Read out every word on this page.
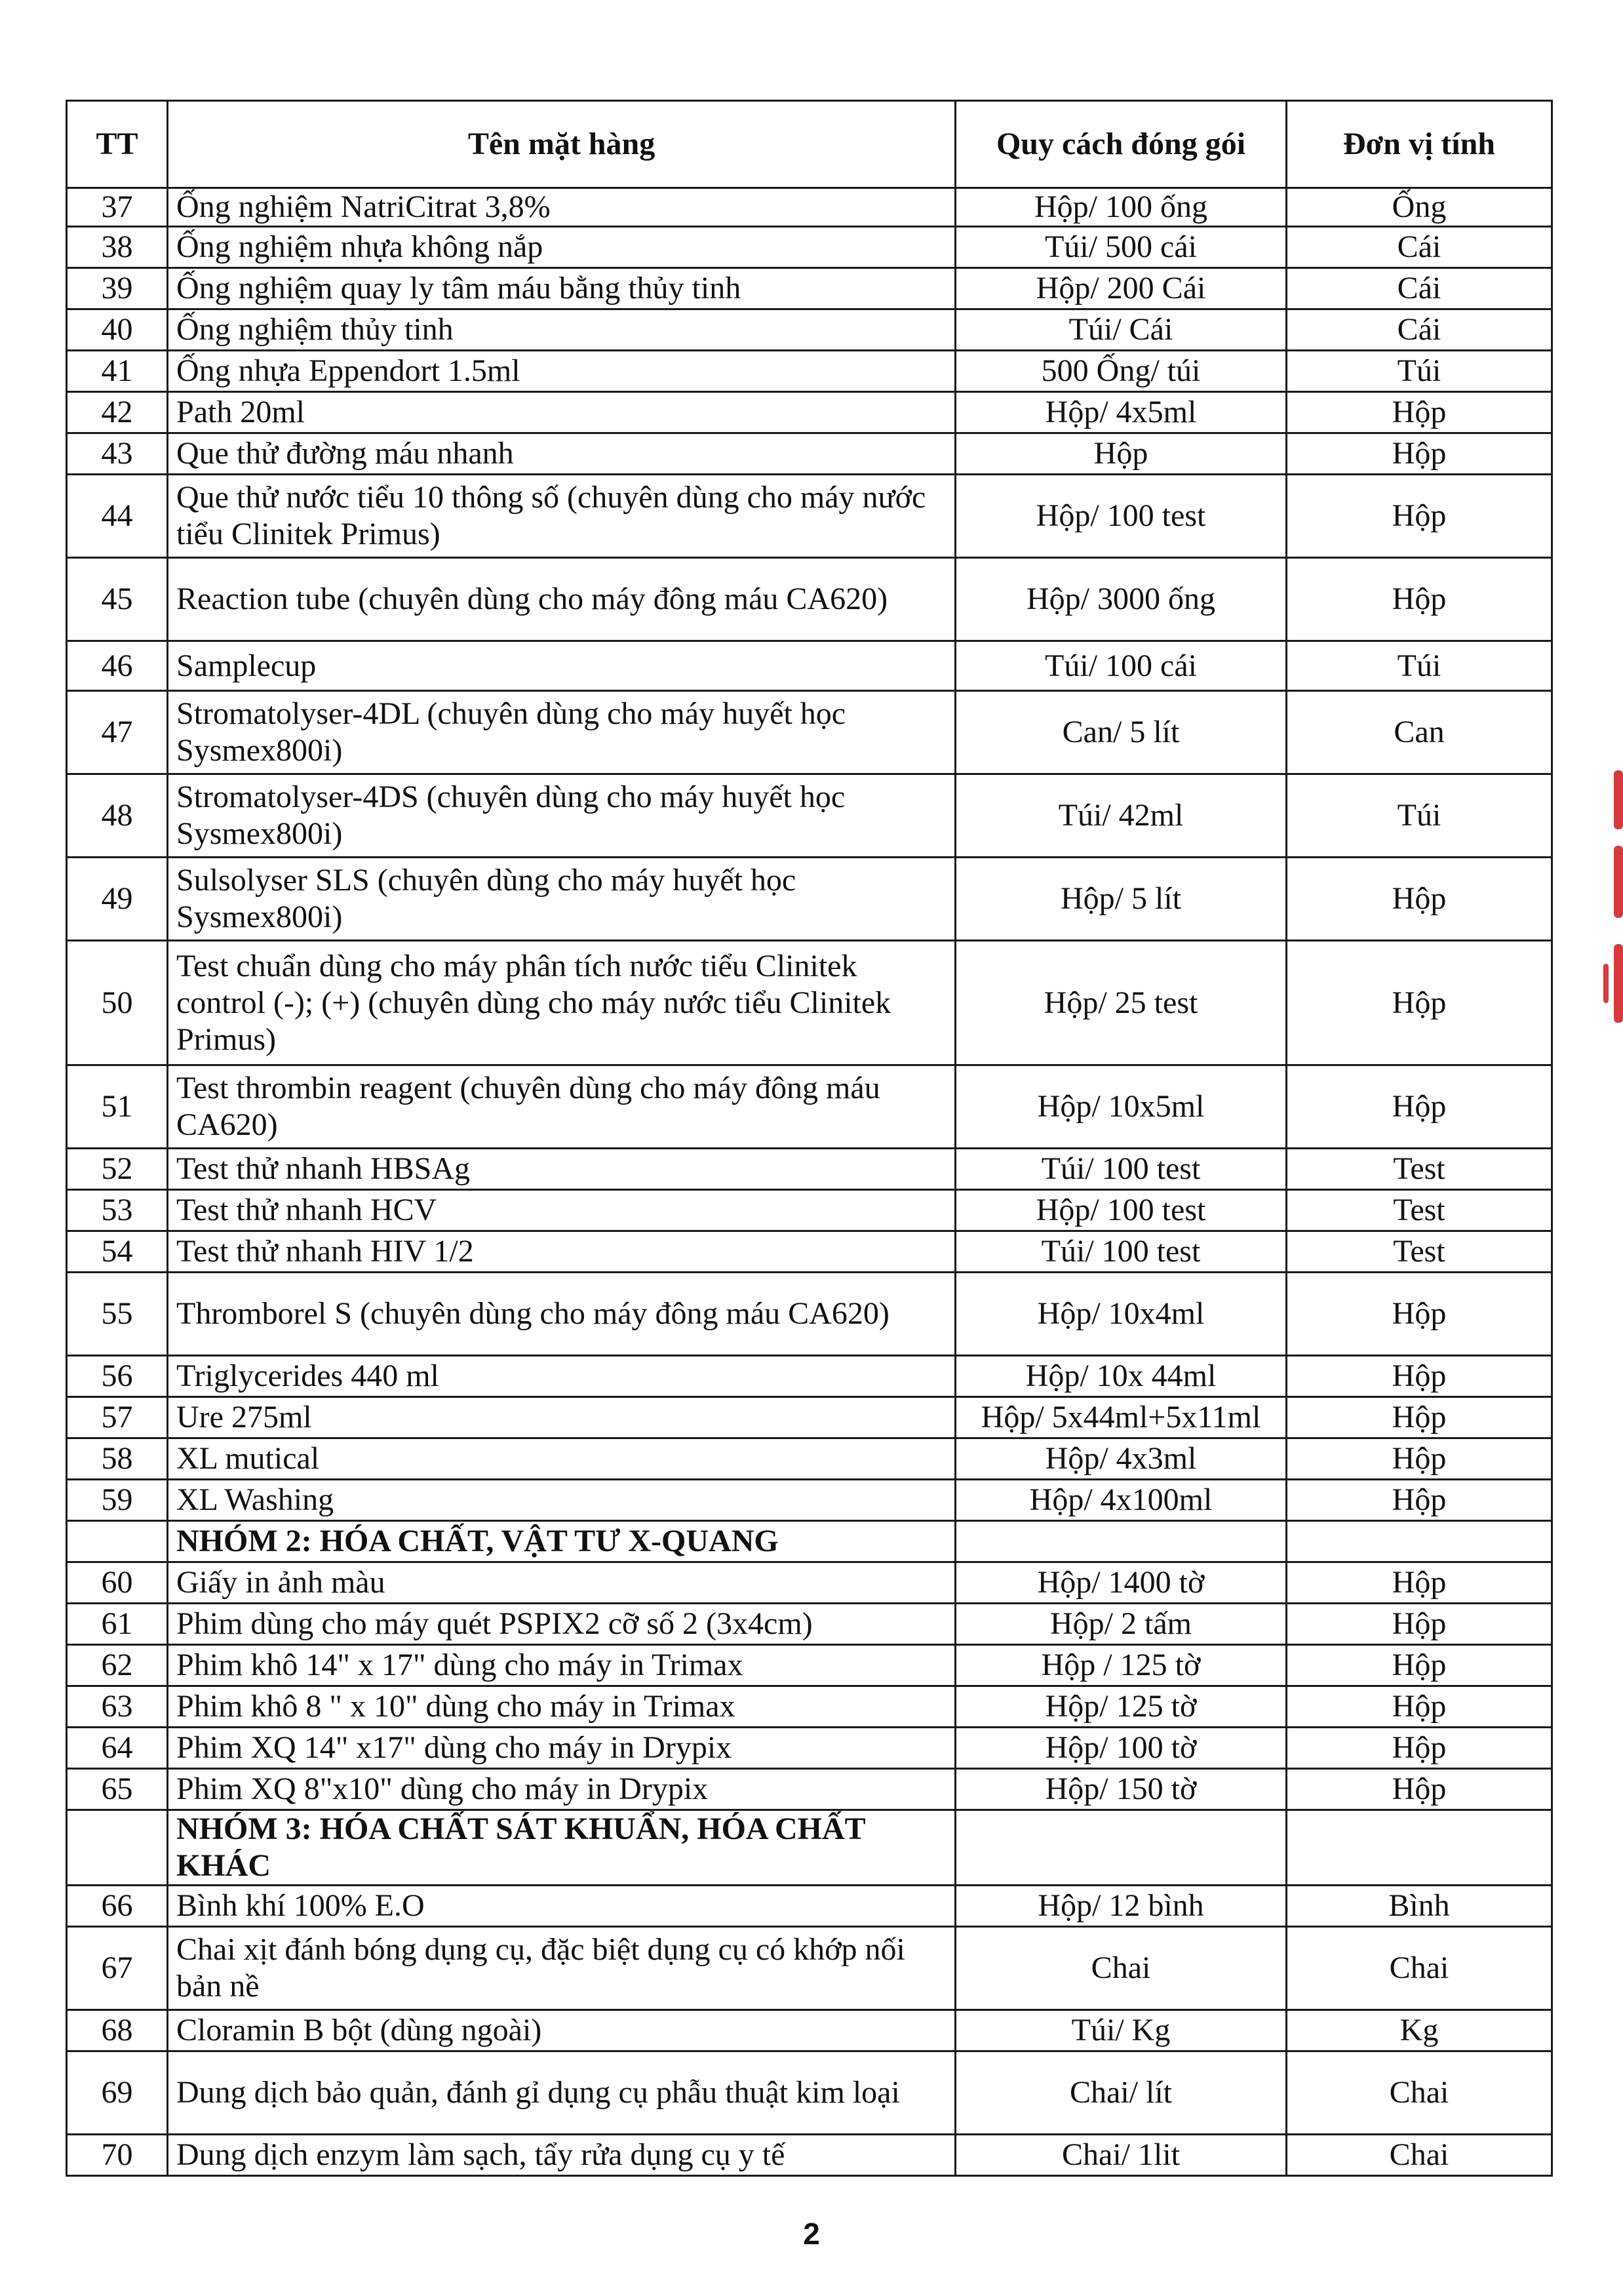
TT	Tên mặt hàng	Quy cách đóng gói	Đơn vị tính
37	Ống nghiệm NatriCitrat 3,8%	Hộp/ 100 ống	Ống
38	Ống nghiệm nhựa không nắp	Túi/ 500 cái	Cái
39	Ống nghiệm quay ly tâm máu bằng thủy tinh	Hộp/ 200 Cái	Cái
40	Ống nghiệm thủy tinh	Túi/ Cái	Cái
41	Ống nhựa Eppendort 1.5ml	500 Ống/ túi	Túi
42	Path 20ml	Hộp/ 4x5ml	Hộp
43	Que thử đường máu nhanh	Hộp	Hộp
44	Que thử nước tiểu 10 thông số (chuyên dùng cho máy nước tiểu Clinitek Primus)	Hộp/ 100 test	Hộp
45	Reaction tube (chuyên dùng cho máy đông máu CA620)	Hộp/ 3000 ống	Hộp
46	Samplecup	Túi/ 100 cái	Túi
47	Stromatolyser-4DL (chuyên dùng cho máy huyết học Sysmex800i)	Can/ 5 lít	Can
48	Stromatolyser-4DS (chuyên dùng cho máy huyết học Sysmex800i)	Túi/ 42ml	Túi
49	Sulsolyser SLS (chuyên dùng cho máy huyết học Sysmex800i)	Hộp/ 5 lít	Hộp
50	Test chuẩn dùng cho máy phân tích nước tiểu Clinitek control (-); (+) (chuyên dùng cho máy nước tiểu Clinitek Primus)	Hộp/ 25 test	Hộp
51	Test thrombin reagent (chuyên dùng cho máy đông máu CA620)	Hộp/ 10x5ml	Hộp
52	Test thử nhanh HBSAg	Túi/ 100 test	Test
53	Test thử nhanh HCV	Hộp/ 100 test	Test
54	Test thử nhanh HIV 1/2	Túi/ 100 test	Test
55	Thromborel S (chuyên dùng cho máy đông máu CA620)	Hộp/ 10x4ml	Hộp
56	Triglycerides 440 ml	Hộp/ 10x 44ml	Hộp
57	Ure 275ml	Hộp/ 5x44ml+5x11ml	Hộp
58	XL mutical	Hộp/ 4x3ml	Hộp
59	XL Washing	Hộp/ 4x100ml	Hộp
	NHÓM 2: HÓA CHẤT, VẬT TƯ X-QUANG		
60	Giấy in ảnh màu	Hộp/ 1400 tờ	Hộp
61	Phim dùng cho máy quét PSPIX2 cỡ số 2 (3x4cm)	Hộp/ 2 tấm	Hộp
62	Phim khô 14" x 17" dùng cho máy in Trimax	Hộp / 125 tờ	Hộp
63	Phim khô 8 " x 10" dùng cho máy in Trimax	Hộp/ 125 tờ	Hộp
64	Phim XQ 14" x17" dùng cho máy in Drypix	Hộp/ 100 tờ	Hộp
65	Phim XQ 8"x10" dùng cho máy in Drypix	Hộp/ 150 tờ	Hộp
	NHÓM 3: HÓA CHẤT SÁT KHUẨN, HÓA CHẤT KHÁC		
66	Bình khí 100% E.O	Hộp/ 12 bình	Bình
67	Chai xịt đánh bóng dụng cụ, đặc biệt dụng cụ có khớp nối bản nề	Chai	Chai
68	Cloramin B bột (dùng ngoài)	Túi/ Kg	Kg
69	Dung dịch bảo quản, đánh gỉ dụng cụ phẫu thuật kim loại	Chai/ lít	Chai
70	Dung dịch enzym làm sạch, tẩy rửa dụng cụ y tế	Chai/ 1lit	Chai
2
